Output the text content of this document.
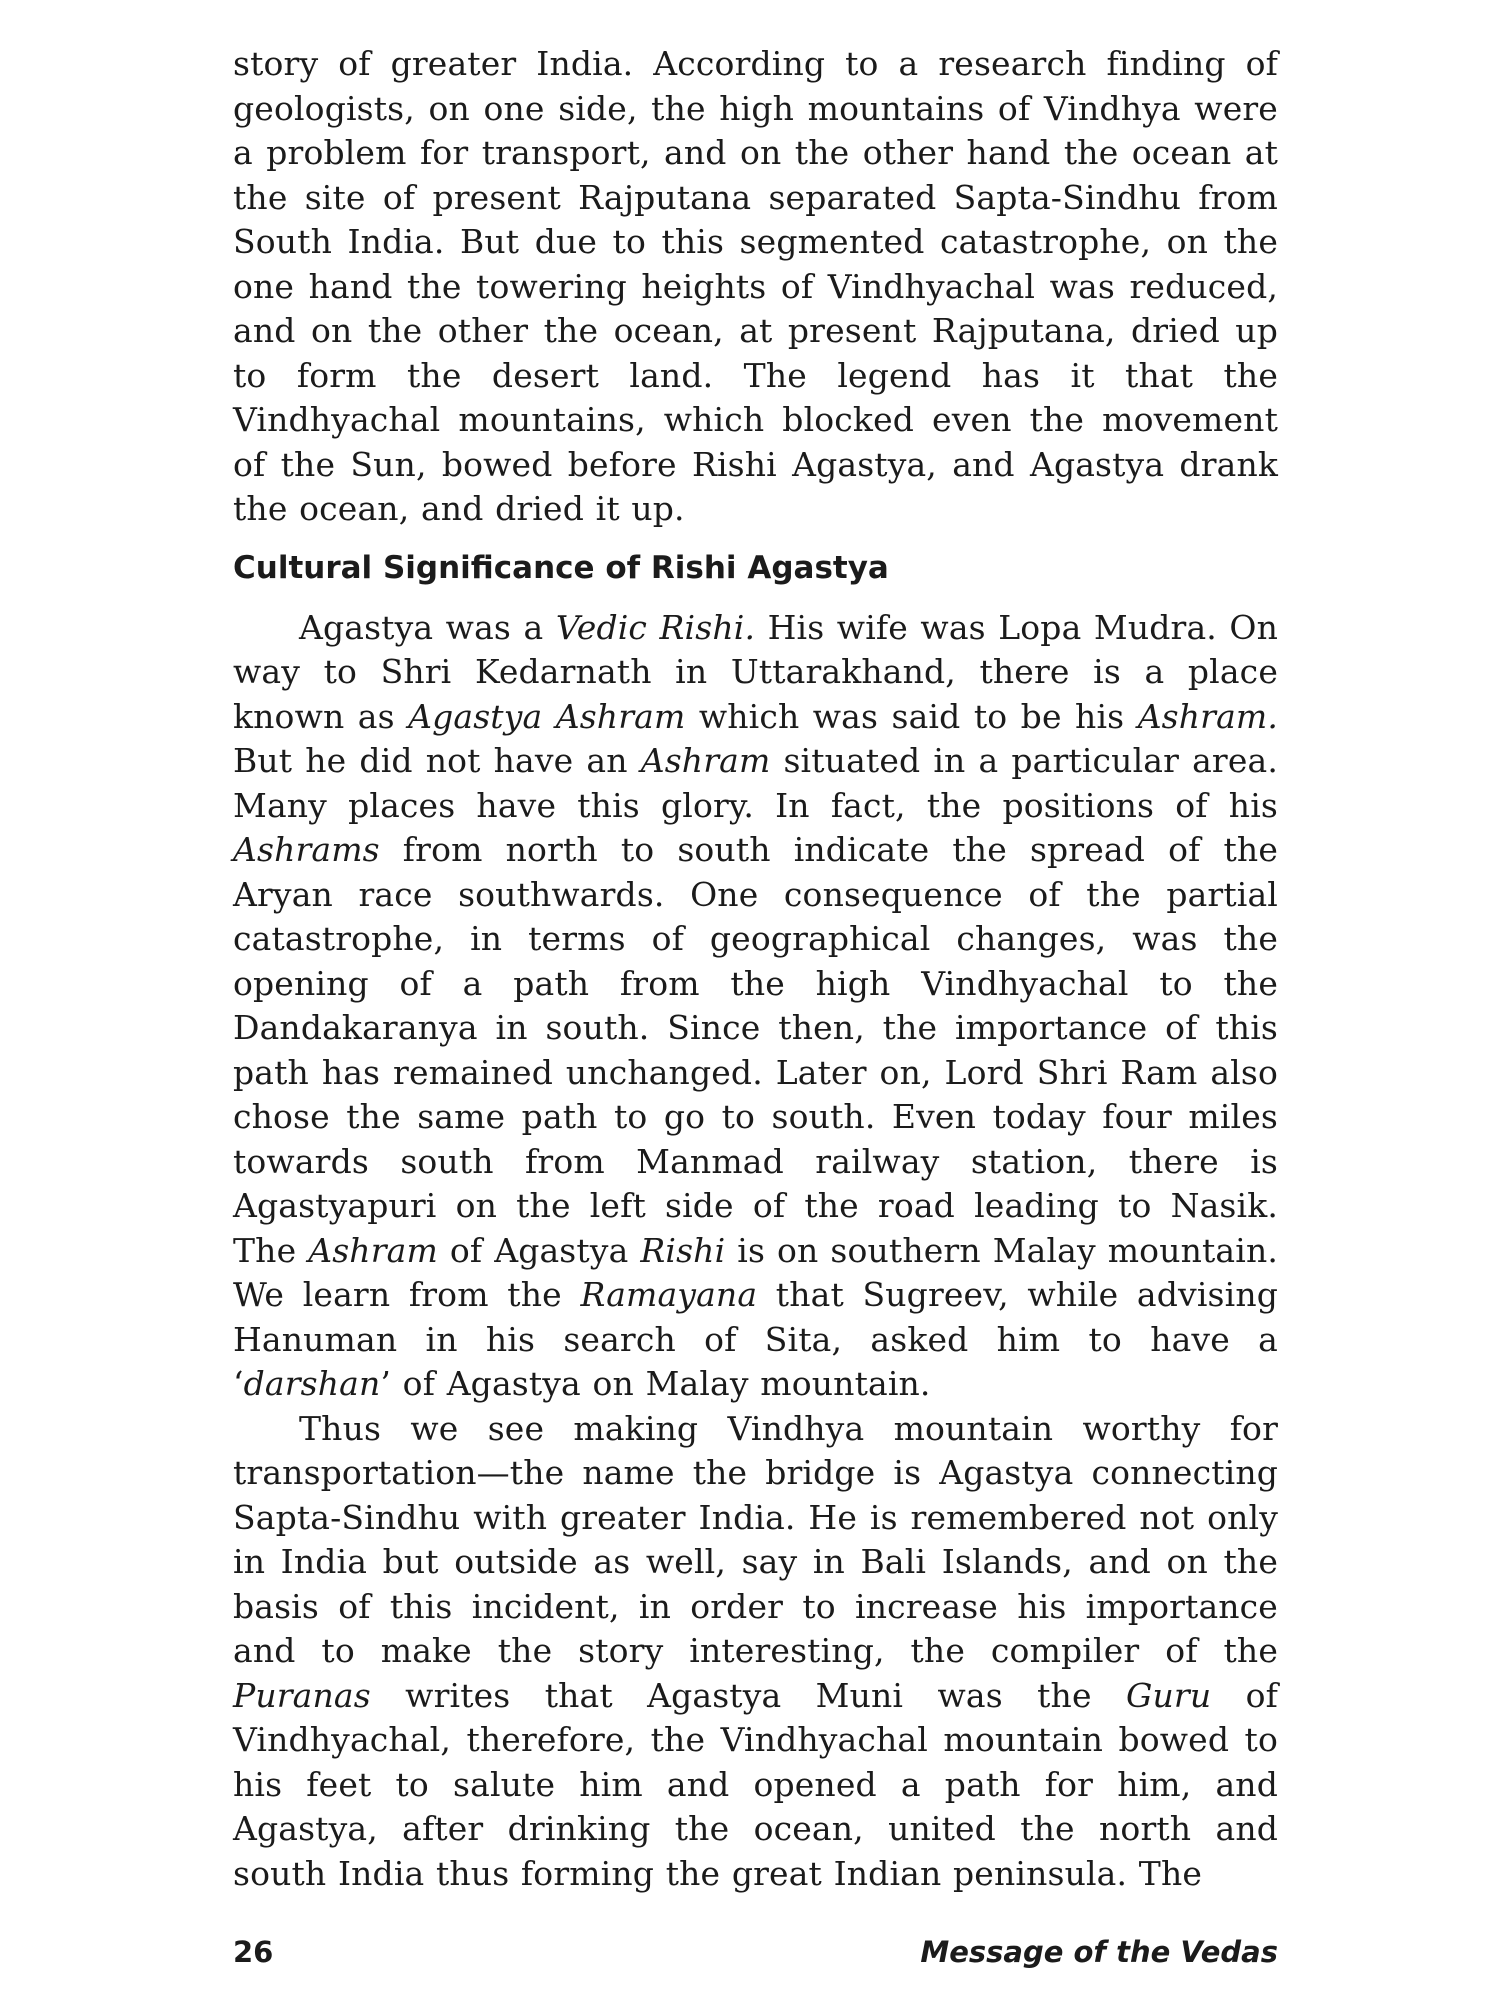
story of greater India. According to a research finding of geologists, on one side, the high mountains of Vindhya were a problem for transport, and on the other hand the ocean at the site of present Rajputana separated Sapta-Sindhu from South India. But due to this segmented catastrophe, on the one hand the towering heights of Vindhyachal was reduced, and on the other the ocean, at present Rajputana, dried up to form the desert land. The legend has it that the Vindhyachal mountains, which blocked even the movement of the Sun, bowed before Rishi Agastya, and Agastya drank the ocean, and dried it up.

Cultural Significance of Rishi Agastya

Agastya was a Vedic Rishi. His wife was Lopa Mudra. On way to Shri Kedarnath in Uttarakhand, there is a place known as Agastya Ashram which was said to be his Ashram. But he did not have an Ashram situated in a particular area. Many places have this glory. In fact, the positions of his Ashrams from north to south indicate the spread of the Aryan race southwards. One consequence of the partial catastrophe, in terms of geographical changes, was the opening of a path from the high Vindhyachal to the Dandakaranya in south. Since then, the importance of this path has remained unchanged. Later on, Lord Shri Ram also chose the same path to go to south. Even today four miles towards south from Manmad railway station, there is Agastyapuri on the left side of the road leading to Nasik. The Ashram of Agastya Rishi is on southern Malay mountain. We learn from the Ramayana that Sugreev, while advising Hanuman in his search of Sita, asked him to have a ‘darshan’ of Agastya on Malay mountain.

Thus we see making Vindhya mountain worthy for transportation—the name the bridge is Agastya connecting Sapta-Sindhu with greater India. He is remembered not only in India but outside as well, say in Bali Islands, and on the basis of this incident, in order to increase his importance and to make the story interesting, the compiler of the Puranas writes that Agastya Muni was the Guru of Vindhyachal, therefore, the Vindhyachal mountain bowed to his feet to salute him and opened a path for him, and Agastya, after drinking the ocean, united the north and south India thus forming the great Indian peninsula. The

26	Message of the Vedas
